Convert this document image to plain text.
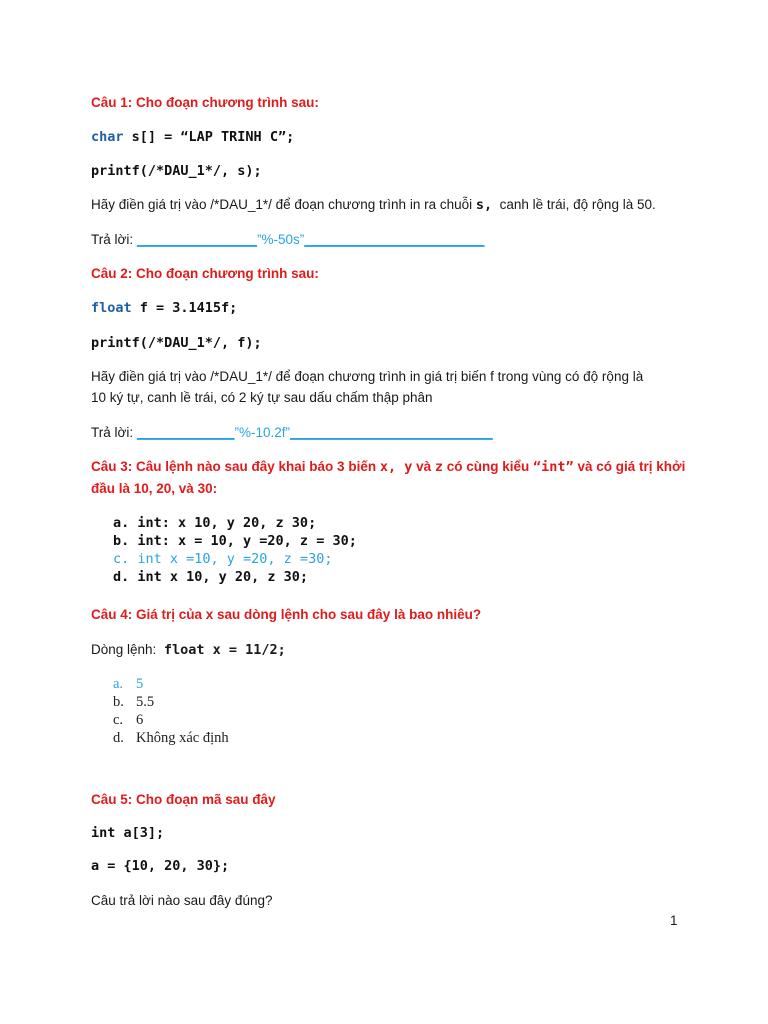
Câu 1: Cho đoạn chương trình sau:
char s[] = “LAP TRINH C”;
printf(/*DAU_1*/, s);
Hãy điền giá trị vào /*DAU_1*/ để đoạn chương trình in ra chuỗi s,  canh lề trái, độ rộng là 50.
Trả lời: ________________”%-50s”________________________
Câu 2: Cho đoạn chương trình sau:
float f = 3.1415f;
printf(/*DAU_1*/, f);
Hãy điền giá trị vào /*DAU_1*/ để đoạn chương trình in giá trị biến f trong vùng có độ rộng là
10 ký tự, canh lề trái, có 2 ký tự sau dấu chấm thập phân
Trả lời: _____________”%-10.2f”___________________________
Câu 3: Câu lệnh nào sau đây khai báo 3 biến x, y và z có cùng kiểu “int” và có giá trị khởi
đầu là 10, 20, và 30:
a. int: x 10, y 20, z 30;
b. int: x = 10, y =20, z = 30;
c. int x =10, y =20, z =30;
d. int x 10, y 20, z 30;
Câu 4: Giá trị của x sau dòng lệnh cho sau đây là bao nhiêu?
Dòng lệnh:  float x = 11/2;
a. 5
b. 5.5
c. 6
d. Không xác định
Câu 5: Cho đoạn mã sau đây
int a[3];
a = {10, 20, 30};
Câu trả lời nào sau đây đúng?
1
